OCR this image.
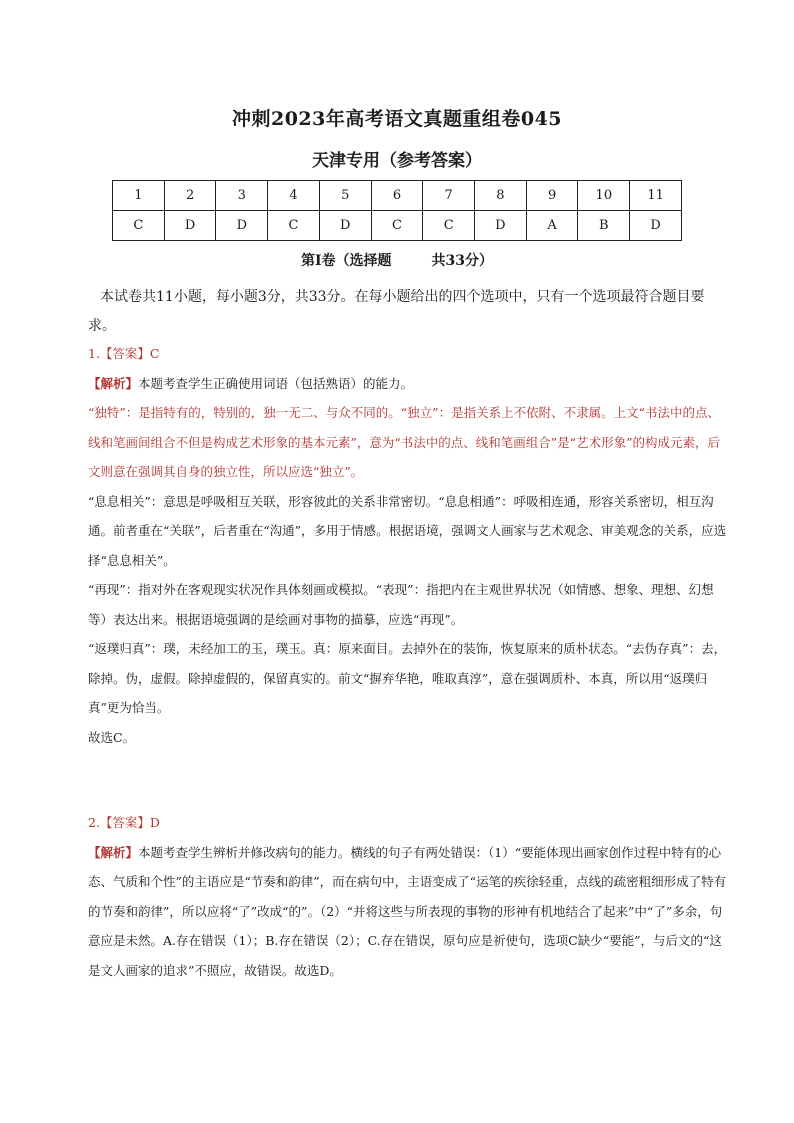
冲刺2023年高考语文真题重组卷045
天津专用（参考答案）
1	2	3	4	5	6	7	8	9	10	11
C	D	D	C	D	C	C	D	A	B	D
第Ⅰ卷（选择题	共33分）

本试卷共11小题，每小题3分，共33分。在每小题给出的四个选项中，只有一个选项最符合题目要求。

1.【答案】C

【解析】本题考查学生正确使用词语（包括熟语）的能力。

“独特”：是指特有的，特别的，独一无二、与众不同的。“独立”：是指关系上不依附、不隶属。上文“书法中的点、线和笔画间组合不但是构成艺术形象的基本元素”，意为“书法中的点、线和笔画组合”是“艺术形象”的构成元素，后文则意在强调其自身的独立性，所以应选“独立”。

“息息相关”：意思是呼吸相互关联，形容彼此的关系非常密切。“息息相通”：呼吸相连通，形容关系密切，相互沟通。前者重在“关联”，后者重在“沟通”，多用于情感。根据语境，强调文人画家与艺术观念、审美观念的关系，应选择“息息相关”。

“再现”：指对外在客观现实状况作具体刻画或模拟。“表现”：指把内在主观世界状况（如情感、想象、理想、幻想等）表达出来。根据语境强调的是绘画对事物的描摹，应选“再现”。

“返璞归真”：璞，未经加工的玉，璞玉。真：原来面目。去掉外在的装饰，恢复原来的质朴状态。“去伪存真”：去，除掉。伪，虚假。除掉虚假的，保留真实的。前文“摒弃华艳，唯取真淳”，意在强调质朴、本真，所以用“返璞归真”更为恰当。

故选C。

2.【答案】D

【解析】本题考查学生辨析并修改病句的能力。横线的句子有两处错误：（1）“要能体现出画家创作过程中特有的心态、气质和个性”的主语应是“节奏和韵律”，而在病句中，主语变成了“运笔的疾徐轻重，点线的疏密粗细形成了特有的节奏和韵律”，所以应将“了”改成“的”。（2）“并将这些与所表现的事物的形神有机地结合了起来”中“了”多余，句意应是未然。A.存在错误（1）；B.存在错误（2）；C.存在错误，原句应是祈使句，选项C缺少“要能”，与后文的“这是文人画家的追求”不照应，故错误。故选D。
